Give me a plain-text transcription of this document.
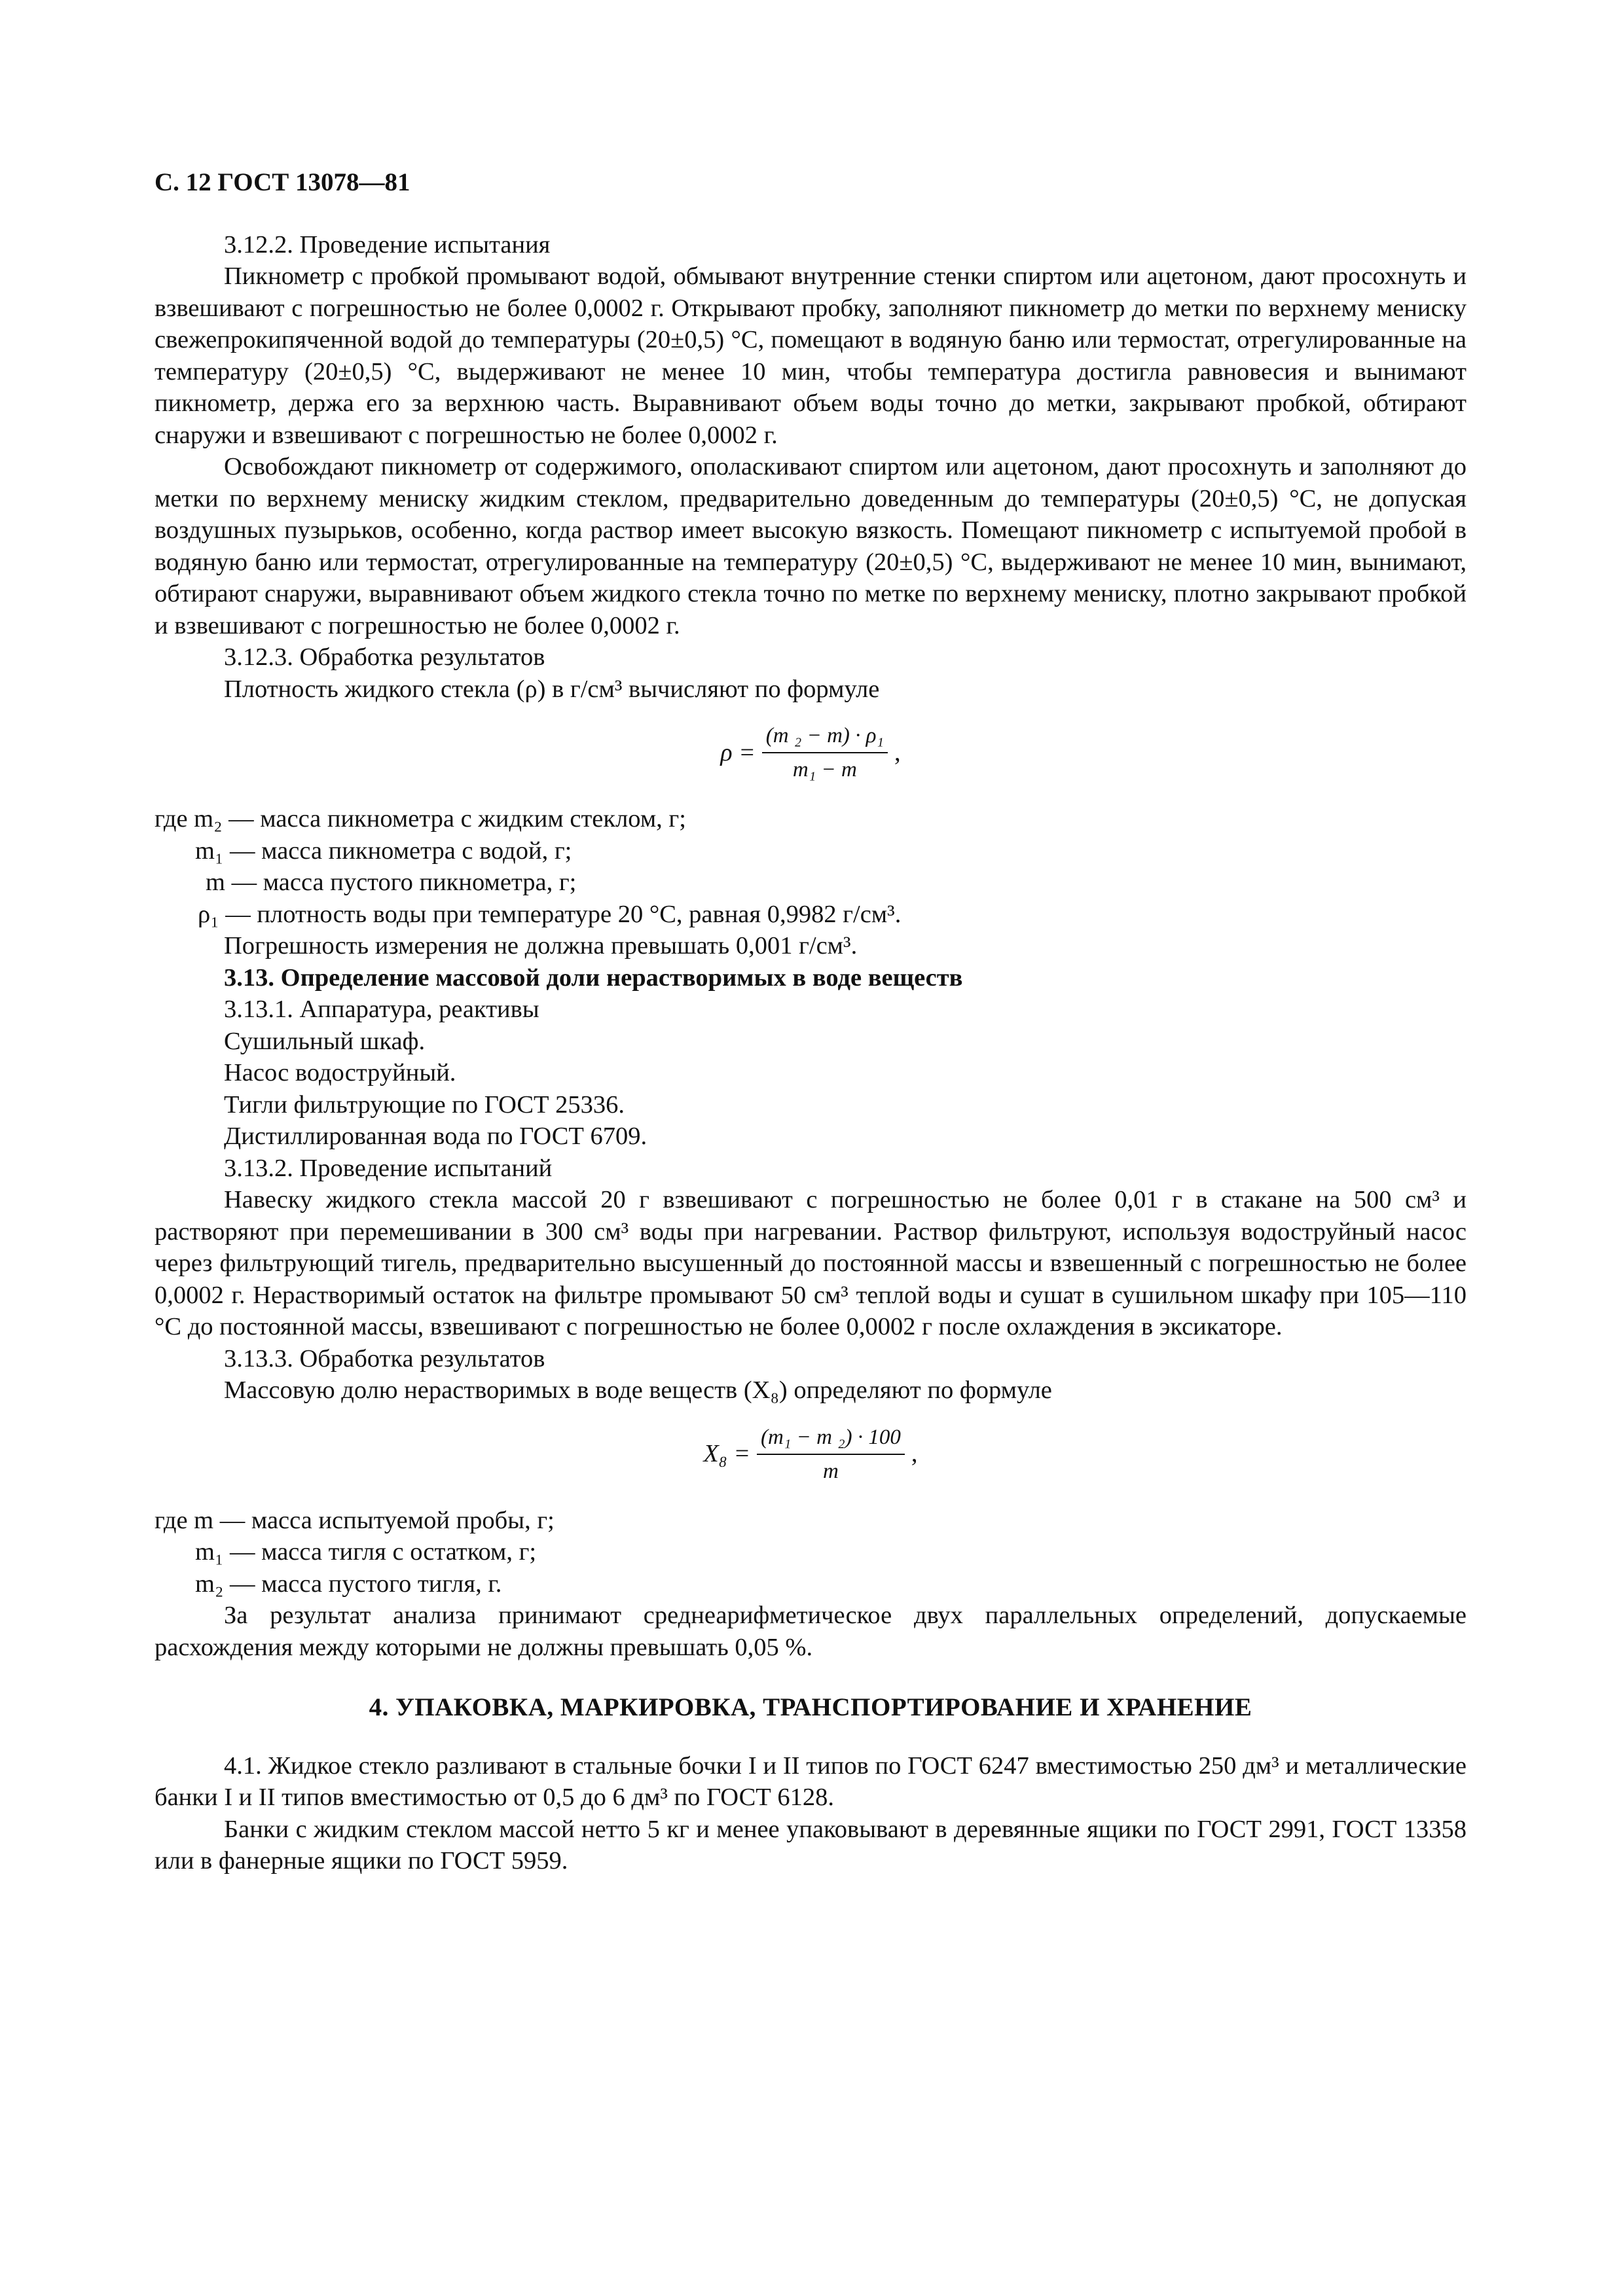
С. 12 ГОСТ 13078—81

3.12.2. Проведение испытания

Пикнометр с пробкой промывают водой, обмывают внутренние стенки спиртом или ацетоном, дают просохнуть и взвешивают с погрешностью не более 0,0002 г. Открывают пробку, заполняют пикнометр до метки по верхнему мениску свежепрокипяченной водой до температуры (20±0,5) °С, помещают в водяную баню или термостат, отрегулированные на температуру (20±0,5) °С, выдерживают не менее 10 мин, чтобы температура достигла равновесия и вынимают пикнометр, держа его за верхнюю часть. Выравнивают объем воды точно до метки, закрывают пробкой, обтирают снаружи и взвешивают с погрешностью не более 0,0002 г.

Освобождают пикнометр от содержимого, ополаскивают спиртом или ацетоном, дают просохнуть и заполняют до метки по верхнему мениску жидким стеклом, предварительно доведенным до температуры (20±0,5) °С, не допуская воздушных пузырьков, особенно, когда раствор имеет высокую вязкость. Помещают пикнометр с испытуемой пробой в водяную баню или термостат, отрегулированные на температуру (20±0,5) °С, выдерживают не менее 10 мин, вынимают, обтирают снаружи, выравнивают объем жидкого стекла точно по метке по верхнему мениску, плотно закрывают пробкой и взвешивают с погрешностью не более 0,0002 г.

3.12.3. Обработка результатов

Плотность жидкого стекла (ρ) в г/см³ вычисляют по формуле

$\rho = \frac{\text{(m ₂ − m) · ρ₁}}{\text{m₁ − m}}$ ,

где m₂ — масса пикнометра с жидким стеклом, г;

m₁ — масса пикнометра с водой, г;

m — масса пустого пикнометра, г;

ρ₁ — плотность воды при температуре 20 °С, равная 0,9982 г/см³.

Погрешность измерения не должна превышать 0,001 г/см³.

3.13. Определение массовой доли нерастворимых в воде веществ

3.13.1. Аппаратура, реактивы

Сушильный шкаф.

Насос водоструйный.

Тигли фильтрующие по ГОСТ 25336.

Дистиллированная вода по ГОСТ 6709.

3.13.2. Проведение испытаний

Навеску жидкого стекла массой 20 г взвешивают с погрешностью не более 0,01 г в стакане на 500 см³ и растворяют при перемешивании в 300 см³ воды при нагревании. Раствор фильтруют, используя водоструйный насос через фильтрующий тигель, предварительно высушенный до постоянной массы и взвешенный с погрешностью не более 0,0002 г. Нерастворимый остаток на фильтре промывают 50 см³ теплой воды и сушат в сушильном шкафу при 105—110 °С до постоянной массы, взвешивают с погрешностью не более 0,0002 г после охлаждения в эксикаторе.

3.13.3. Обработка результатов

Массовую долю нерастворимых в воде веществ (X₈) определяют по формуле

$X_8 = \frac{\text{(m₁ − m ₂) · 100}}{m}$ ,

где m — масса испытуемой пробы, г;

m₁ — масса тигля с остатком, г;

m₂ — масса пустого тигля, г.

За результат анализа принимают среднеарифметическое двух параллельных определений, допускаемые расхождения между которыми не должны превышать 0,05 %.

4. УПАКОВКА, МАРКИРОВКА, ТРАНСПОРТИРОВАНИЕ И ХРАНЕНИЕ

4.1. Жидкое стекло разливают в стальные бочки I и II типов по ГОСТ 6247 вместимостью 250 дм³ и металлические банки I и II типов вместимостью от 0,5 до 6 дм³ по ГОСТ 6128.

Банки с жидким стеклом массой нетто 5 кг и менее упаковывают в деревянные ящики по ГОСТ 2991, ГОСТ 13358 или в фанерные ящики по ГОСТ 5959.
